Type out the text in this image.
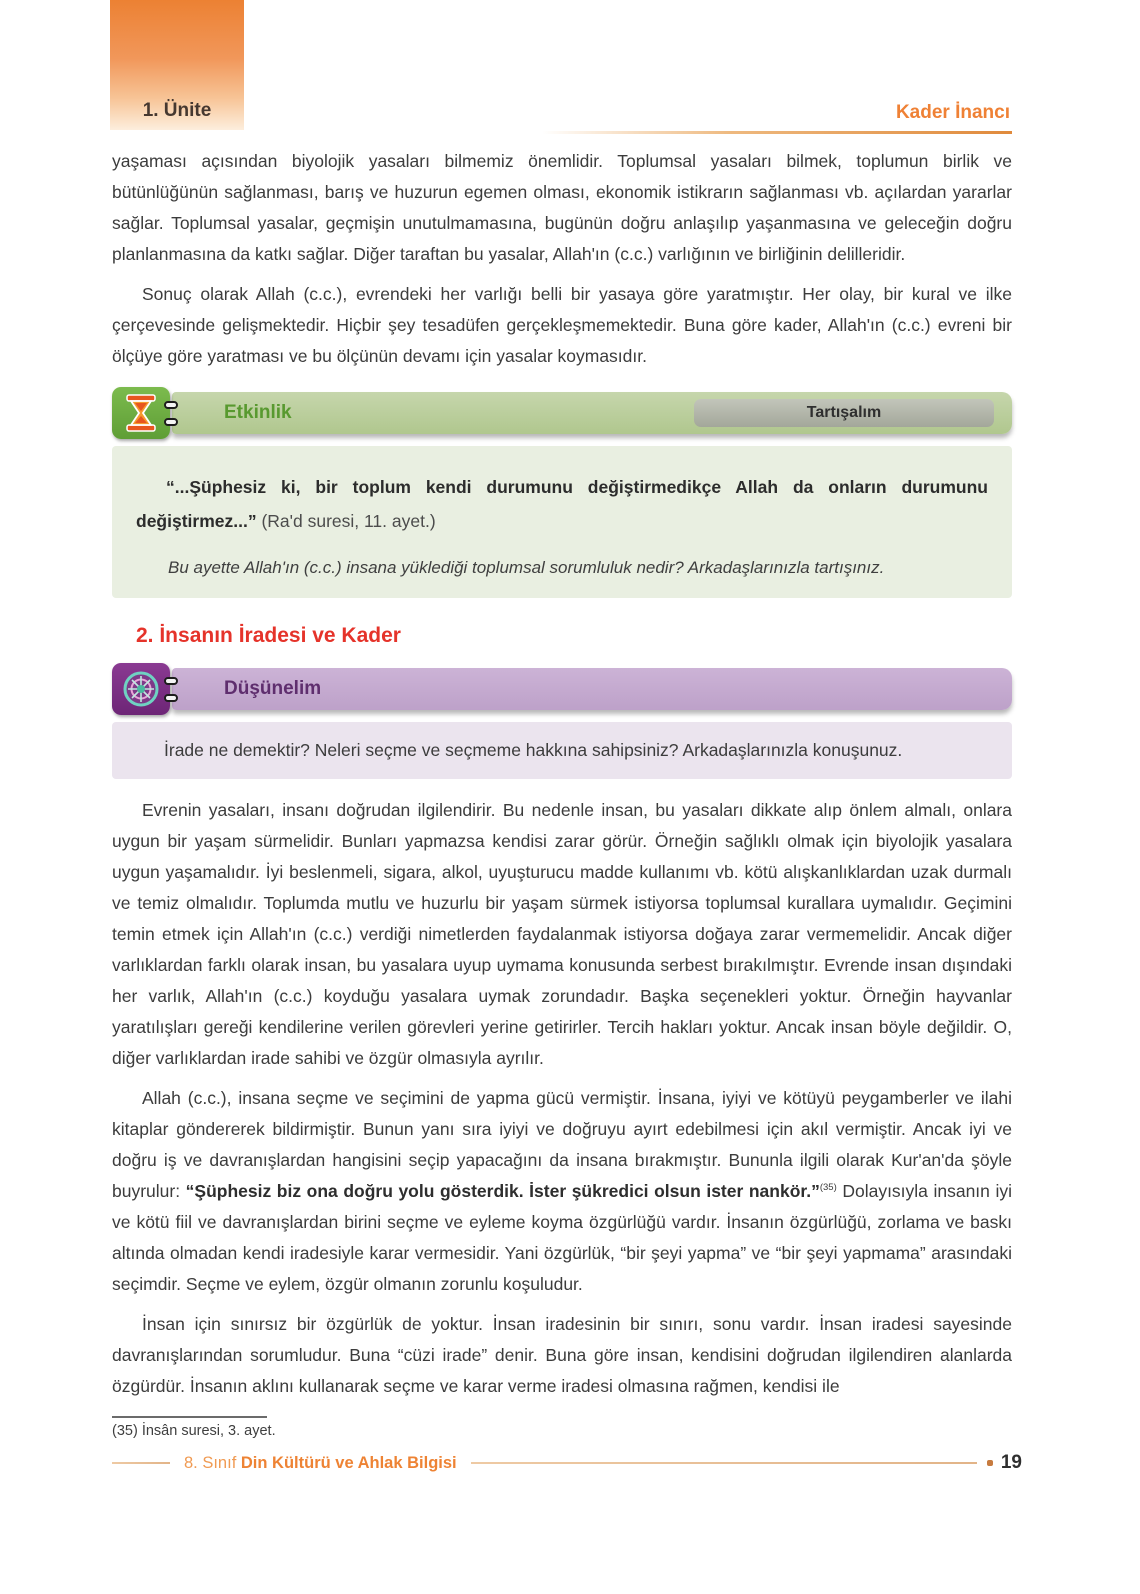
1. Ünite	Kader İnancı

yaşaması açısından biyolojik yasaları bilmemiz önemlidir. Toplumsal yasaları bilmek, toplumun birlik ve bütünlüğünün sağlanması, barış ve huzurun egemen olması, ekonomik istikrarın sağlanması vb. açılardan yararlar sağlar. Toplumsal yasalar, geçmişin unutulmamasına, bugünün doğru anlaşılıp yaşanmasına ve geleceğin doğru planlanmasına da katkı sağlar. Diğer taraftan bu yasalar, Allah'ın (c.c.) varlığının ve birliğinin delilleridir.

Sonuç olarak Allah (c.c.), evrendeki her varlığı belli bir yasaya göre yaratmıştır. Her olay, bir kural ve ilke çerçevesinde gelişmektedir. Hiçbir şey tesadüfen gerçekleşmemektedir. Buna göre kader, Allah'ın (c.c.) evreni bir ölçüye göre yaratması ve bu ölçünün devamı için yasalar koymasıdır.

Etkinlik	Tartışalım

“...Şüphesiz ki, bir toplum kendi durumunu değiştirmedikçe Allah da onların durumunu değiştirmez...” (Ra'd suresi, 11. ayet.)

Bu ayette Allah'ın (c.c.) insana yüklediği toplumsal sorumluluk nedir? Arkadaşlarınızla tartışınız.

2. İnsanın İradesi ve Kader
Düşünelim

İrade ne demektir? Neleri seçme ve seçmeme hakkına sahipsiniz? Arkadaşlarınızla konuşunuz.

Evrenin yasaları, insanı doğrudan ilgilendirir. Bu nedenle insan, bu yasaları dikkate alıp önlem almalı, onlara uygun bir yaşam sürmelidir. Bunları yapmazsa kendisi zarar görür. Örneğin sağlıklı olmak için biyolojik yasalara uygun yaşamalıdır. İyi beslenmeli, sigara, alkol, uyuşturucu madde kullanımı vb. kötü alışkanlıklardan uzak durmalı ve temiz olmalıdır. Toplumda mutlu ve huzurlu bir yaşam sürmek istiyorsa toplumsal kurallara uymalıdır. Geçimini temin etmek için Allah'ın (c.c.) verdiği nimetlerden faydalanmak istiyorsa doğaya zarar vermemelidir. Ancak diğer varlıklardan farklı olarak insan, bu yasalara uyup uymama konusunda serbest bırakılmıştır. Evrende insan dışındaki her varlık, Allah'ın (c.c.) koyduğu yasalara uymak zorundadır. Başka seçenekleri yoktur. Örneğin hayvanlar yaratılışları gereği kendilerine verilen görevleri yerine getirirler. Tercih hakları yoktur. Ancak insan böyle değildir. O, diğer varlıklardan irade sahibi ve özgür olmasıyla ayrılır.

Allah (c.c.), insana seçme ve seçimini de yapma gücü vermiştir. İnsana, iyiyi ve kötüyü peygamberler ve ilahi kitaplar göndererek bildirmiştir. Bunun yanı sıra iyiyi ve doğruyu ayırt edebilmesi için akıl vermiştir. Ancak iyi ve doğru iş ve davranışlardan hangisini seçip yapacağını da insana bırakmıştır. Bununla ilgili olarak Kur'an'da şöyle buyrulur: “Şüphesiz biz ona doğru yolu gösterdik. İster şükredici olsun ister nankör.”$^{(35)}$ Dolayısıyla insanın iyi ve kötü fiil ve davranışlardan birini seçme ve eyleme koyma özgürlüğü vardır. İnsanın özgürlüğü, zorlama ve baskı altında olmadan kendi iradesiyle karar vermesidir. Yani özgürlük, “bir şeyi yapma” ve “bir şeyi yapmama” arasındaki seçimdir. Seçme ve eylem, özgür olmanın zorunlu koşuludur.

İnsan için sınırsız bir özgürlük de yoktur. İnsan iradesinin bir sınırı, sonu vardır. İnsan iradesi sayesinde davranışlarından sorumludur. Buna “cüzi irade” denir. Buna göre insan, kendisini doğrudan ilgilendiren alanlarda özgürdür. İnsanın aklını kullanarak seçme ve karar verme iradesi olmasına rağmen, kendisi ile

(35) İnsân suresi, 3. ayet.

8. Sınıf Din Kültürü ve Ahlak Bilgisi	19
